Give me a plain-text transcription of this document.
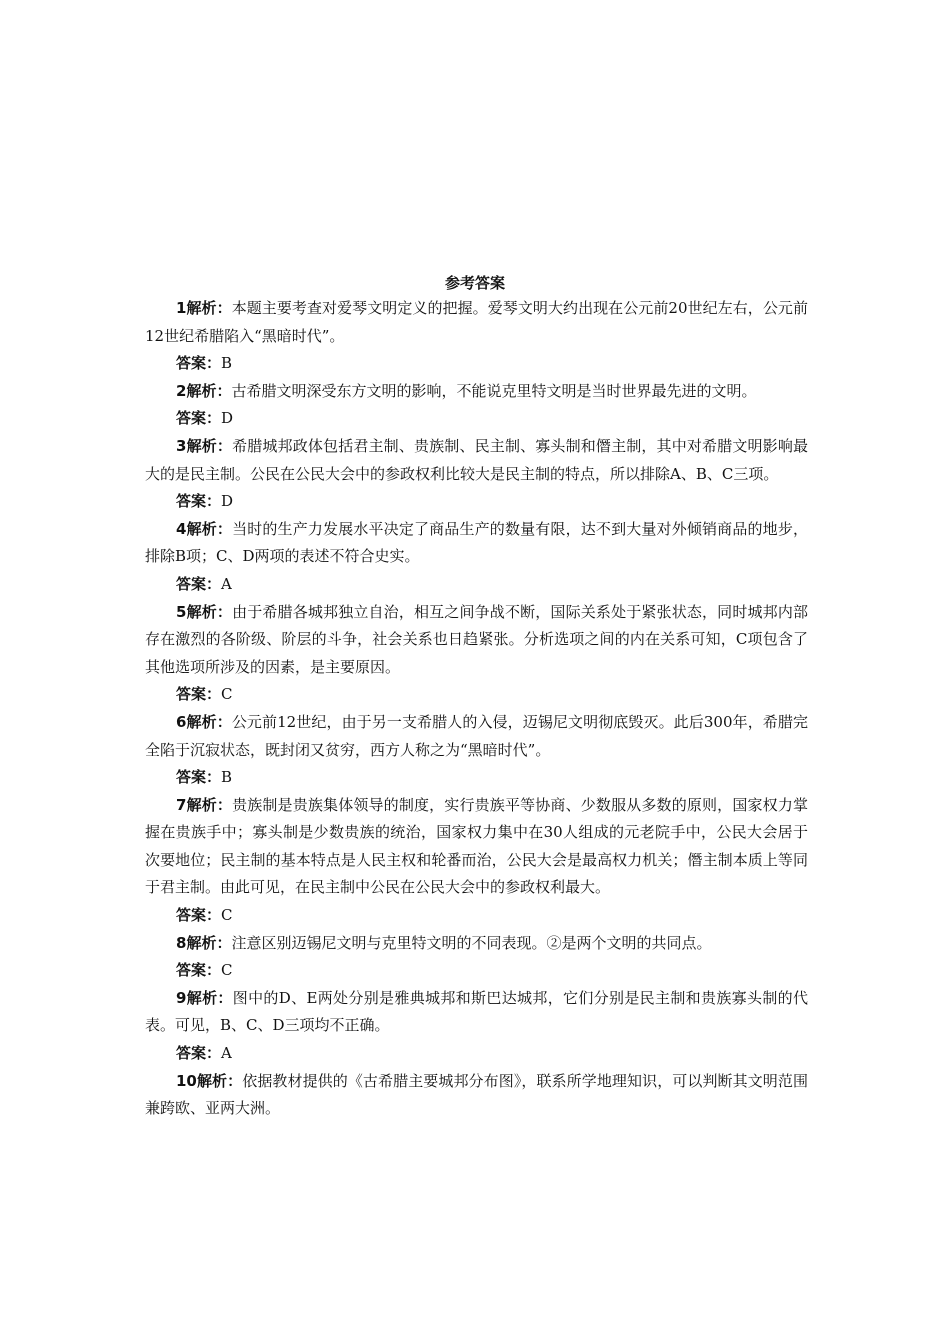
参考答案

1解析：本题主要考查对爱琴文明定义的把握。爱琴文明大约出现在公元前20世纪左右，公元前12世纪希腊陷入“黑暗时代”。

答案：B

2解析：古希腊文明深受东方文明的影响，不能说克里特文明是当时世界最先进的文明。

答案：D

3解析：希腊城邦政体包括君主制、贵族制、民主制、寡头制和僭主制，其中对希腊文明影响最大的是民主制。公民在公民大会中的参政权利比较大是民主制的特点，所以排除A、B、C三项。

答案：D

4解析：当时的生产力发展水平决定了商品生产的数量有限，达不到大量对外倾销商品的地步，排除B项；C、D两项的表述不符合史实。

答案：A

5解析：由于希腊各城邦独立自治，相互之间争战不断，国际关系处于紧张状态，同时城邦内部存在激烈的各阶级、阶层的斗争，社会关系也日趋紧张。分析选项之间的内在关系可知，C项包含了其他选项所涉及的因素，是主要原因。

答案：C

6解析：公元前12世纪，由于另一支希腊人的入侵，迈锡尼文明彻底毁灭。此后300年，希腊完全陷于沉寂状态，既封闭又贫穷，西方人称之为“黑暗时代”。

答案：B

7解析：贵族制是贵族集体领导的制度，实行贵族平等协商、少数服从多数的原则，国家权力掌握在贵族手中；寡头制是少数贵族的统治，国家权力集中在30人组成的元老院手中，公民大会居于次要地位；民主制的基本特点是人民主权和轮番而治，公民大会是最高权力机关；僭主制本质上等同于君主制。由此可见，在民主制中公民在公民大会中的参政权利最大。

答案：C

8解析：注意区别迈锡尼文明与克里特文明的不同表现。②是两个文明的共同点。

答案：C

9解析：图中的D、E两处分别是雅典城邦和斯巴达城邦，它们分别是民主制和贵族寡头制的代表。可见，B、C、D三项均不正确。

答案：A

10解析：依据教材提供的《古希腊主要城邦分布图》，联系所学地理知识，可以判断其文明范围兼跨欧、亚两大洲。
